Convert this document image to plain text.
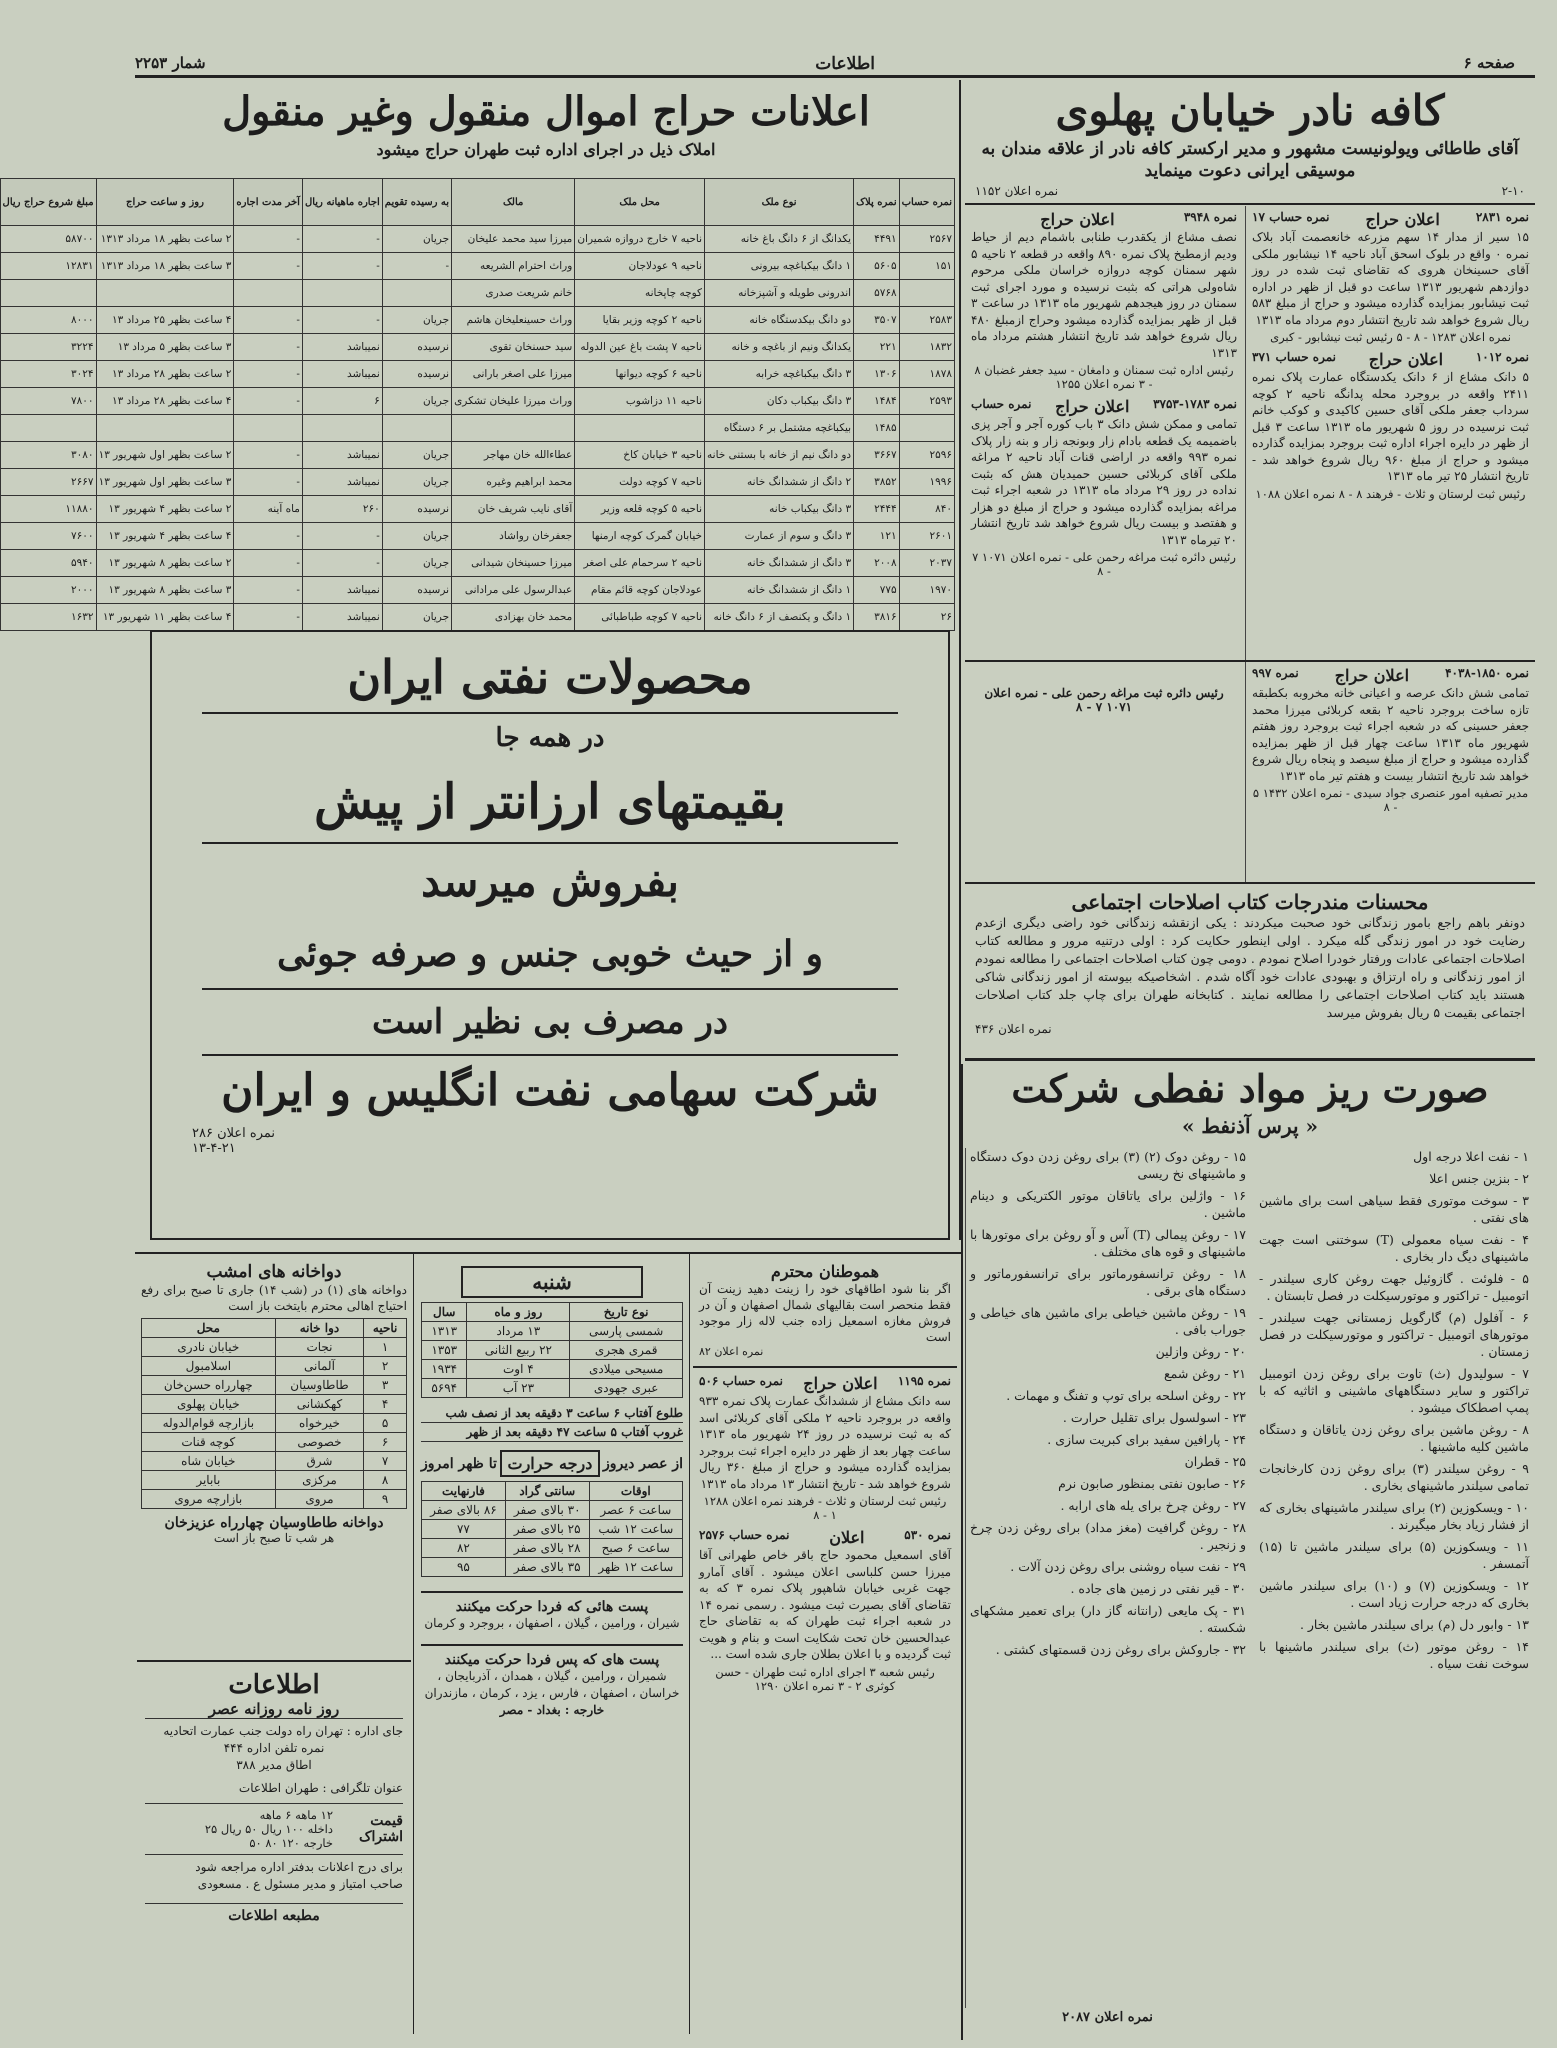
صفحه ۶
اطلاعات
شمار ۲۲۵۳
کافه نادر خیابان پهلوی
آقای طاطائی ویولونیست مشهور و مدیر ارکستر کافه نادر از علاقه مندان به موسیقی ایرانی دعوت مینماید
۲-۱۰
نمره اعلان ۱۱۵۲
اعلانات حراج اموال منقول وغیر منقول
املاک ذیل در اجرای اداره ثبت طهران حراج میشود
نمره حساب	نمره پلاک	نوع ملک	محل ملک	مالک	به رسیده تقویم	اجاره ماهیانه ریال	آخر مدت اجاره	روز و ساعت حراج	مبلغ شروع حراج ریال
۲۵۶۷	۴۴۹۱	یکدانگ از ۶ دانگ باغ خانه	ناحیه ۷ خارج دروازه شمیران	میرزا سید محمد علیخان	جریان	-	-	۲ ساعت بظهر ۱۸ مرداد ۱۳۱۳	۵۸۷۰۰
۱۵۱	۵۶۰۵	۱ دانگ بیکباغچه بیرونی	ناحیه ۹ عودلاجان	وراث احترام الشریعه	-	-	-	۳ ساعت بظهر ۱۸ مرداد ۱۳۱۳	۱۲۸۳۱
	۵۷۶۸	اندرونی طویله و آشپزخانه	کوچه چاپخانه	خانم شریعت صدری					
۲۵۸۳	۳۵۰۷	دو دانگ بیکدستگاه خانه	ناحیه ۲ کوچه وزیر بقایا	وراث حسینعلیخان هاشم	جریان	-	-	۴ ساعت بظهر ۲۵ مرداد ۱۳	۸۰۰۰
۱۸۳۲	۲۲۱	یکدانگ ونیم از باغچه و خانه	ناحیه ۷ پشت باغ عین الدوله	سید حسنخان تقوی	نرسیده	نمیباشد	-	۳ ساعت بظهر ۵ مرداد ۱۳	۳۲۲۴
۱۸۷۸	۱۳۰۶	۳ دانگ بیکباغچه خرابه	ناحیه ۶ کوچه دیوانها	میرزا علی اصغر بارانی	نرسیده	نمیباشد	-	۲ ساعت بظهر ۲۸ مرداد ۱۳	۳۰۲۴
۲۵۹۳	۱۴۸۴	۳ دانگ بیکباب دکان	ناحیه ۱۱ دزاشوب	وراث میرزا علیخان تشکری	جریان	۶	-	۴ ساعت بظهر ۲۸ مرداد ۱۳	۷۸۰۰
	۱۴۸۵	بیکباغچه مشتمل بر ۶ دستگاه							
۲۵۹۶	۳۶۶۷	دو دانگ نیم از خانه با بستنی خانه	ناحیه ۳ خیابان کاخ	عطاءالله خان مهاجر	جریان	نمیباشد	-	۲ ساعت بظهر اول شهریور ۱۳	۳۰۸۰
۱۹۹۶	۳۸۵۲	۲ دانگ از ششدانگ خانه	ناحیه ۷ کوچه دولت	محمد ابراهیم وغیره	جریان	نمیباشد	-	۳ ساعت بظهر اول شهریور ۱۳	۲۶۶۷
۸۴۰	۲۴۴۴	۳ دانگ بیکباب خانه	ناحیه ۵ کوچه قلعه وزیر	آقای نایب شریف خان	نرسیده	۲۶۰	ماه آینه	۲ ساعت بظهر ۴ شهریور ۱۳	۱۱۸۸۰
۲۶۰۱	۱۲۱	۳ دانگ و سوم از عمارت	خیابان گمرک کوچه ارمنها	جعفرخان رواشاد	جریان	-	-	۴ ساعت بظهر ۴ شهریور ۱۳	۷۶۰۰
۲۰۳۷	۲۰۰۸	۳ دانگ از ششدانگ خانه	ناحیه ۲ سرحمام علی اصغر	میرزا حسینخان شیدانی	جریان	-	-	۲ ساعت بظهر ۸ شهریور ۱۳	۵۹۴۰
۱۹۷۰	۷۷۵	۱ دانگ از ششدانگ خانه	عودلاجان کوچه قائم مقام	عبدالرسول علی مرادانی	نرسیده	نمیباشد	-	۳ ساعت بظهر ۸ شهریور ۱۳	۲۰۰۰
۲۶	۳۸۱۶	۱ دانگ و یکنصف از ۶ دانگ خانه	ناحیه ۷ کوچه طباطبائی	محمد خان بهزادی	جریان	نمیباشد	-	۴ ساعت بظهر ۱۱ شهریور ۱۳	۱۶۳۲
نمره ۲۸۳۱
اعلان حراج
نمره حساب ۱۷
۱۵ سیر از مدار ۱۴ سهم مزرعه خانعصمت آباد بلاک نمره ۰ واقع در بلوک اسحق آباد ناحیه ۱۴ نیشابور ملکی آقای حسینخان هروی که تقاضای ثبت شده در روز دوازدهم شهریور ۱۳۱۳ ساعت دو قبل از ظهر در اداره ثبت نیشابور بمزایده گذارده میشود و حراج از مبلغ ۵۸۳ ریال شروع خواهد شد تاریخ انتشار دوم مرداد ماه ۱۳۱۳
نمره اعلان ۱۲۸۳ - ۸ - ۵ رئیس ثبت نیشابور - کبری
نمره ۱۰۱۲
اعلان حراج
نمره حساب ۳۷۱
۵ دانک مشاع از ۶ دانک یکدستگاه عمارت پلاک نمره ۲۴۱۱ واقعه در بروجرد محله پدانگه ناحیه ۲ کوچه سرداب جعفر ملکی آقای حسین کاکیدی و کوکب خانم ثبت نرسیده در روز ۵ شهریور ماه ۱۳۱۳ ساعت ۳ قبل از ظهر در دایره اجراء اداره ثبت بروجرد بمزایده گذارده میشود و حراج از مبلغ ۹۶۰ ریال شروع خواهد شد - تاریخ انتشار ۲۵ تیر ماه ۱۳۱۳
رئیس ثبت لرستان و ثلاث - فرهند ۸ - ۸ نمره اعلان ۱۰۸۸
نمره ۳۹۴۸
اعلان حراج
نصف مشاع از یکقدرب طنابی باشمام دیم از حیاط ودیم ازمطبخ پلاک نمره ۸۹۰ واقعه در قطعه ۲ ناحیه ۵ شهر سمنان کوچه دروازه خراسان ملکی مرحوم شاه‌ولی هراتی که بثبت نرسیده و مورد اجرای ثبت سمنان در روز هیجدهم شهریور ماه ۱۳۱۳ در ساعت ۳ قبل از ظهر بمزایده گذارده میشود وحراج ازمبلغ ۴۸۰ ریال شروع خواهد شد تاریخ انتشار هشتم مرداد ماه ۱۳۱۳
رئیس اداره ثبت سمنان و دامغان - سید جعفر غضبان ۸ - ۳ نمره اعلان ۱۲۵۵
نمره ۱۷۸۳-۳۷۵۳
اعلان حراج
نمره حساب
تمامی و ممکن شش دانک ۳ باب کوره آجر و آجر پزی باضمیمه یک قطعه بادام زار وبونجه زار و بنه زار پلاک نمره ۹۹۳ واقعه در اراضی قنات آباد ناحیه ۲ مراغه ملکی آقای کربلائی حسین حمیدیان هش که بثبت نداده در روز ۲۹ مرداد ماه ۱۳۱۳ در شعبه اجراء ثبت مراغه بمزایده گذارده میشود و حراج از مبلغ دو هزار و هفتصد و بیست ریال شروع خواهد شد تاریخ انتشار ۲۰ تیرماه ۱۳۱۳
رئیس دائره ثبت مراغه رحمن علی - نمره اعلان ۱۰۷۱ ۷ - ۸
نمره ۱۸۵۰-۴۰۳۸
اعلان حراج
نمره ۹۹۷
تمامی شش دانک عرصه و اعیانی خانه مخروبه بکطبقه تازه ساخت بروجرد ناحیه ۲ بقعه کربلائی میرزا محمد جعفر حسینی که در شعبه اجراء ثبت بروجرد روز هفتم شهریور ماه ۱۳۱۳ ساعت چهار قبل از ظهر بمزایده گذارده میشود و حراج از مبلغ سیصد و پنجاه ریال شروع خواهد شد تاریخ انتشار بیست و هفتم تیر ماه ۱۳۱۳
مدیر تصفیه امور عنصری جواد سیدی - نمره اعلان ۱۴۳۲ ۵ - ۸
رئیس دائره ثبت مراغه رحمن علی - نمره اعلان ۱۰۷۱ ۷ - ۸
محسنات مندرجات کتاب اصلاحات اجتماعی
دونفر باهم راجع بامور زندگانی خود صحبت میکردند : یکی ازنقشه زندگانی خود راضی دیگری ازعدم رضایت خود در امور زندگی گله میکرد . اولی اینطور حکایت کرد : اولی درتنیه مرور و مطالعه کتاب اصلاحات اجتماعی عادات ورفتار خودرا اصلاح نمودم . دومی چون کتاب اصلاحات اجتماعی را مطالعه نمودم از امور زندگانی و راه ارتزاق و بهبودی عادات خود آگاه شدم . اشخاصیکه بیوسته از امور زندگانی شاکی هستند باید کتاب اصلاحات اجتماعی را مطالعه نمایند . کتابخانه طهران برای چاپ جلد کتاب اصلاحات اجتماعی بقیمت ۵ ریال بفروش میرسد
نمره اعلان ۴۳۶
محصولات نفتی ایران
در همه جا
بقیمتهای ارزانتر از پیش
بفروش میرسد
و از حیث خوبی جنس و صرفه جوئی
در مصرف بی نظیر است
شرکت سهامی نفت انگلیس و ایران
نمره اعلان ۲۸۶
۱۳-۴-۲۱
صورت ریز مواد نفطی شرکت
« پرس آذنفط »
۱ - نفت اعلا درجه اول
۲ - بنزین جنس اعلا
۳ - سوخت موتوری فقط سیاهی است برای ماشین های نفتی .
۴ - نفت سیاه معمولی (T) سوختنی است جهت ماشینهای دیگ دار بخاری .
۵ - فلوئت . گازوئیل جهت روغن کاری سیلندر - اتومبیل - تراکتور و موتورسیکلت در فصل تابستان .
۶ - آفلول (م) گارگویل زمستانی جهت سیلندر - موتورهای اتومبیل - تراکتور و موتورسیکلت در فصل زمستان .
۷ - سولیدول (ث) تاوت برای روغن زدن اتومبیل تراکتور و سایر دستگاههای ماشینی و اثاثیه که با پمپ اصطکاک میشود .
۸ - روغن ماشین برای روغن زدن یاتاقان و دستگاه ماشین کلیه ماشینها .
۹ - روغن سیلندر (۳) برای روغن زدن کارخانجات تمامی سیلندر ماشینهای بخاری .
۱۰ - ویسکوزین (۲) برای سیلندر ماشینهای بخاری که از فشار زیاد بخار میگیرند .
۱۱ - ویسکوزین (۵) برای سیلندر ماشین تا (۱۵) آتمسفر .
۱۲ - ویسکوزین (۷) و (۱۰) برای سیلندر ماشین بخاری که درجه حرارت زیاد است .
۱۳ - وابور دل (م) برای سیلندر ماشین بخار .
۱۴ - روغن موتور (ث) برای سیلندر ماشینها با سوخت نفت سیاه .
۱۵ - روغن دوک (۲) (۳) برای روغن زدن دوک دستگاه و ماشینهای نخ ریسی
۱۶ - واژلین برای یاتاقان موتور الکتریکی و دینام ماشین .
۱۷ - روغن پیمالی (T) آس و آو روغن برای موتورها با ماشینهای و قوه های مختلف .
۱۸ - روغن ترانسفورماتور برای ترانسفورماتور و دستگاه های برقی .
۱۹ - روغن ماشین خیاطی برای ماشین های خیاطی و جوراب بافی .
۲۰ - روغن وازلین
۲۱ - روغن شمع
۲۲ - روغن اسلحه برای توپ و تفنگ و مهمات .
۲۳ - اسولسول برای تقلیل حرارت .
۲۴ - پارافین سفید برای کبریت سازی .
۲۵ - قطران
۲۶ - صابون نفتی بمنظور صابون نرم
۲۷ - روغن چرخ برای یله های ارابه .
۲۸ - روغن گرافیت (مغز مداد) برای روغن زدن چرخ و زنجیر .
۲۹ - نفت سیاه روشنی برای روغن زدن آلات .
۳۰ - قیر نفتی در زمین های جاده .
۳۱ - پک مایعی (رانتانه گاز دار) برای تعمیر مشکهای شکسته .
۳۲ - جاروکش برای روغن زدن قسمتهای کشتی .
نمره اعلان ۲۰۸۷
هموطنان محترم
اگر بنا شود اطاقهای خود را زینت دهید زینت آن فقط منحصر است بقالیهای شمال اصفهان و آن در فروش مغازه اسمعیل زاده جنب لاله زار موجود است
نمره اعلان ۸۲
نمره ۱۱۹۵
اعلان حراج
نمره حساب ۵۰۶
سه دانک مشاع از ششدانگ عمارت پلاک نمره ۹۳۳ واقعه در بروجرد ناحیه ۲ ملکی آقای کربلائی اسد که به ثبت نرسیده در روز ۲۴ شهریور ماه ۱۳۱۳ ساعت چهار بعد از ظهر در دایره اجراء ثبت بروجرد بمزایده گذارده میشود و حراج از مبلغ ۳۶۰ ریال شروع خواهد شد - تاریخ انتشار ۱۳ مرداد ماه ۱۳۱۳
رئیس ثبت لرستان و ثلاث - فرهند نمره اعلان ۱۲۸۸ ۱ - ۸
نمره ۵۳۰
اعلان
نمره حساب ۲۵۷۶
آقای اسمعیل محمود حاج باقر خاص طهرانی آقا میرزا حسن کلباسی اعلان میشود . آقای آمارو جهت غربی خیابان شاهپور پلاک نمره ۳ که به تقاضای آقای بصیرت ثبت میشود . رسمی نمره ۱۴ در شعبه اجراء ثبت طهران که به تقاضای حاج عبدالحسین خان تحت شکایت است و بنام و هویت ثبت گردیده و با اعلان بطلان جاری شده است ...
رئیس شعبه ۳ اجرای اداره ثبت طهران - حسن کوثری ۲ - ۳ نمره اعلان ۱۲۹۰
شنبه
نوع تاریخ	روز و ماه	سال
شمسی پارسی	۱۳ مرداد	۱۳۱۳
قمری هجری	۲۲ ربیع الثانی	۱۳۵۳
مسیحی میلادی	۴ اوت	۱۹۳۴
عبری جهودی	۲۳ آب	۵۶۹۴
طلوع آفتاب ۶ ساعت ۳ دقیقه بعد از نصف شب
غروب آفتاب ۵ ساعت ۴۷ دقیقه بعد از ظهر
از عصر دیروز
درجه حرارت
تا ظهر امروز
اوقات	سانتی گراد	فارنهایت
ساعت ۶ عصر	۳۰ بالای صفر	۸۶ بالای صفر
ساعت ۱۲ شب	۲۵ بالای صفر	۷۷
ساعت ۶ صبح	۲۸ بالای صفر	۸۲
ساعت ۱۲ ظهر	۳۵ بالای صفر	۹۵
پست هائی که فردا حرکت میکنند
شیران ، ورامین ، گیلان ، اصفهان ، بروجرد و کرمان
پست های که پس فردا حرکت میکنند
شمیران ، ورامین ، گیلان ، همدان ، آذربایجان ، خراسان ، اصفهان ، فارس ، یزد ، کرمان ، مازندران
خارجه : بغداد - مصر
دواخانه های امشب
دواخانه های (۱) در (شب ۱۴) جاری تا صبح برای رفع احتیاج اهالی محترم بایتخت باز است
ناحیه	دوا خانه	محل
۱	نجات	خیابان نادری
۲	آلمانی	اسلامبول
۳	طاطاوسیان	چهارراه حسن‌خان
۴	کهکشانی	خیابان پهلوی
۵	خیرخواه	بازارچه قوام‌الدوله
۶	خصوصی	کوچه قنات
۷	شرق	خیابان شاه
۸	مرکزی	بابایر
۹	مروی	بازارچه مروی
دواخانه طاطاوسیان چهارراه عزیزخان
هر شب تا صبح باز است
اطلاعات
روز نامه روزانه عصر
جای اداره : تهران راه دولت جنب عمارت اتحادیه
نمره تلفن اداره ۴۴۴
اطاق مدیر ۳۸۸
عنوان تلگرافی : طهران اطلاعات
قیمت اشتراک
۱۲ ماهه ۶ ماهه
داخله ۱۰۰ ریال ۵۰ ریال ۲۵
خارجه ۱۲۰ ۸۰ ۵۰
برای درج اعلانات بدفتر اداره مراجعه شود
صاحب امتیاز و مدیر مسئول ع . مسعودی
مطبعه اطلاعات
